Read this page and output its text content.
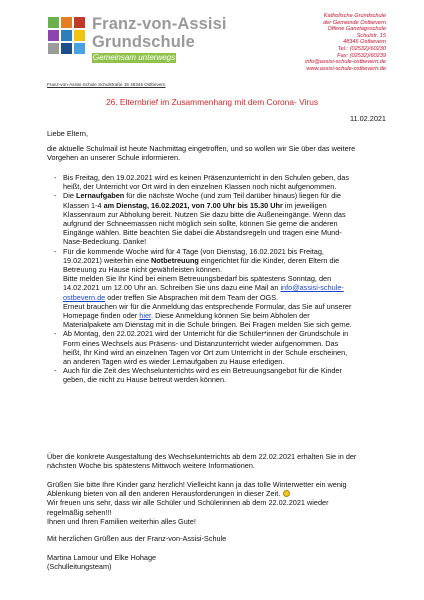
Franz-von-Assisi
Grundschule
Gemeinsam unterwegs
Katholische Grundschule
der Gemeinde Ostbevern
Offene Ganztagsschule
Schulstr. 15
48346 Ostbevern
Tel.: (02532)/60230
Fax: (02532)/60239
info@assisi-schule-ostbevern.de
www.assisi-schule-ostbevern.de
Franz-von-Assisi-Schule Schulstraße 15 48346 Ostbevern
26. Elternbrief im Zusammenhang mit dem Corona- Virus
11.02.2021
Liebe Eltern,
die aktuelle Schulmail ist heute Nachmittag eingetroffen, und so wollen wir Sie über das weitere
Vorgehen an unserer Schule informieren.
- Bis Freitag, den 19.02.2021 wird es keinen Präsenzunterricht in den Schulen geben, das
heißt, der Unterricht vor Ort wird in den einzelnen Klassen noch nicht aufgenommen.
- Die Lernaufgaben für die nächste Woche (und zum Teil darüber hinaus) liegen für die
Klassen 1-4 am Dienstag, 16.02.2021, von 7.00 Uhr bis 15.30 Uhr im jeweiligen
Klassenraum zur Abholung bereit. Nutzen Sie dazu bitte die Außeneingänge. Wenn das
aufgrund der Schneemassen nicht möglich sein sollte, können Sie gerne die anderen
Eingänge wählen. Bitte beachten Sie dabei die Abstandsregeln und tragen eine Mund-
Nase-Bedeckung. Danke!
- Für die kommende Woche wird für 4 Tage (von Dienstag, 16.02.2021 bis Freitag,
19.02.2021) weiterhin eine Notbetreuung eingerichtet für die Kinder, deren Eltern die
Betreuung zu Hause nicht gewährleisten können.
Bitte melden Sie Ihr Kind bei einem Betreuungsbedarf bis spätestens Sonntag, den
14.02.2021 um 12.00 Uhr an. Schreiben Sie uns dazu eine Mail an info@assisi-schule-
ostbevern.de oder treffen Sie Absprachen mit dem Team der OGS.
Erneut brauchen wir für die Anmeldung das entsprechende Formular, das Sie auf unserer
Homepage finden oder hier. Diese Anmeldung können Sie beim Abholen der
Materialpakete am Dienstag mit in die Schule bringen. Bei Fragen melden Sie sich gerne.
- Ab Montag, den 22.02.2021 wird der Unterricht für die Schüler*innen der Grundschule in
Form eines Wechsels aus Präsens- und Distanzunterricht wieder aufgenommen. Das
heißt, Ihr Kind wird an einzelnen Tagen vor Ort zum Unterricht in der Schule erscheinen,
an anderen Tagen wird es wieder Lernaufgaben zu Hause erledigen.
- Auch für die Zeit des Wechselunterrichts wird es ein Betreuungsangebot für die Kinder
geben, die nicht zu Hause betreut werden können.
Über die konkrete Ausgestaltung des Wechselunterrichts ab dem 22.02.2021 erhalten Sie in der
nächsten Woche bis spätestens Mittwoch weitere Informationen.
Grüßen Sie bitte Ihre Kinder ganz herzlich! Vielleicht kann ja das tolle Winterwetter ein wenig
Ablenkung bieten von all den anderen Herausforderungen in dieser Zeit.
Wir freuen uns sehr, dass wir alle Schüler und Schülerinnen ab dem 22.02.2021 wieder
regelmäßig sehen!!!
Ihnen und Ihren Familien weiterhin alles Gute!
Mit herzlichen Grüßen aus der Franz-von-Assisi-Schule
Martina Lamour und Elke Hohage
(Schulleitungsteam)
